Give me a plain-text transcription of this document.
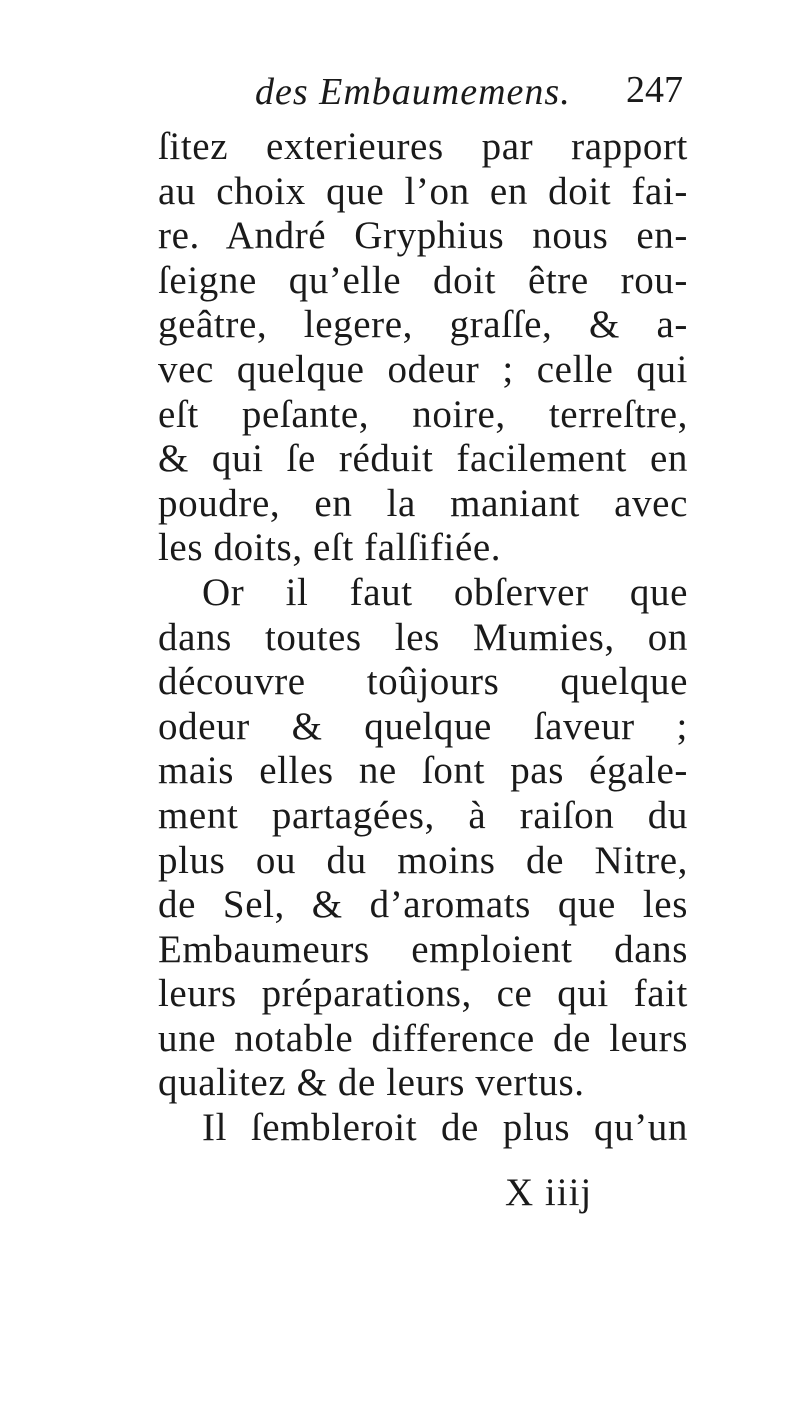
des Embaumemens. 247
ſitez exterieures par rapport
au choix que l’on en doit fai-
re. André Gryphius nous en-
ſeigne qu’elle doit être rou-
geâtre, legere, graſſe, & a-
vec quelque odeur ; celle qui
eſt peſante, noire, terreſtre,
& qui ſe réduit facilement en
poudre, en la maniant avec
les doits, eſt falſifiée.
Or il faut obſerver que
dans toutes les Mumies, on
découvre toûjours quelque
odeur & quelque ſaveur ;
mais elles ne ſont pas égale-
ment partagées, à raiſon du
plus ou du moins de Nitre,
de Sel, & d’aromats que les
Embaumeurs emploient dans
leurs préparations, ce qui fait
une notable difference de leurs
qualitez & de leurs vertus.
Il ſembleroit de plus qu’un
X iiij
